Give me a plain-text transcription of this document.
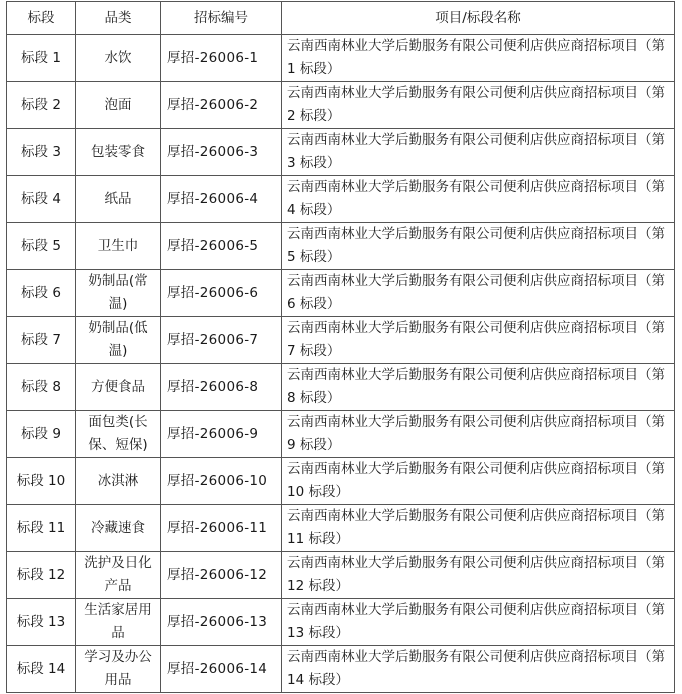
标段	品类	招标编号	项目/标段名称
标段 1	水饮	厚招-26006-1	云南西南林业大学后勤服务有限公司便利店供应商招标项目（第 1 标段）
标段 2	泡面	厚招-26006-2	云南西南林业大学后勤服务有限公司便利店供应商招标项目（第 2 标段）
标段 3	包装零食	厚招-26006-3	云南西南林业大学后勤服务有限公司便利店供应商招标项目（第 3 标段）
标段 4	纸品	厚招-26006-4	云南西南林业大学后勤服务有限公司便利店供应商招标项目（第 4 标段）
标段 5	卫生巾	厚招-26006-5	云南西南林业大学后勤服务有限公司便利店供应商招标项目（第 5 标段）
标段 6	奶制品(常温)	厚招-26006-6	云南西南林业大学后勤服务有限公司便利店供应商招标项目（第 6 标段）
标段 7	奶制品(低温)	厚招-26006-7	云南西南林业大学后勤服务有限公司便利店供应商招标项目（第 7 标段）
标段 8	方便食品	厚招-26006-8	云南西南林业大学后勤服务有限公司便利店供应商招标项目（第 8 标段）
标段 9	面包类(长保、短保)	厚招-26006-9	云南西南林业大学后勤服务有限公司便利店供应商招标项目（第 9 标段）
标段 10	冰淇淋	厚招-26006-10	云南西南林业大学后勤服务有限公司便利店供应商招标项目（第 10 标段）
标段 11	冷藏速食	厚招-26006-11	云南西南林业大学后勤服务有限公司便利店供应商招标项目（第 11 标段）
标段 12	洗护及日化产品	厚招-26006-12	云南西南林业大学后勤服务有限公司便利店供应商招标项目（第 12 标段）
标段 13	生活家居用品	厚招-26006-13	云南西南林业大学后勤服务有限公司便利店供应商招标项目（第 13 标段）
标段 14	学习及办公用品	厚招-26006-14	云南西南林业大学后勤服务有限公司便利店供应商招标项目（第 14 标段）
